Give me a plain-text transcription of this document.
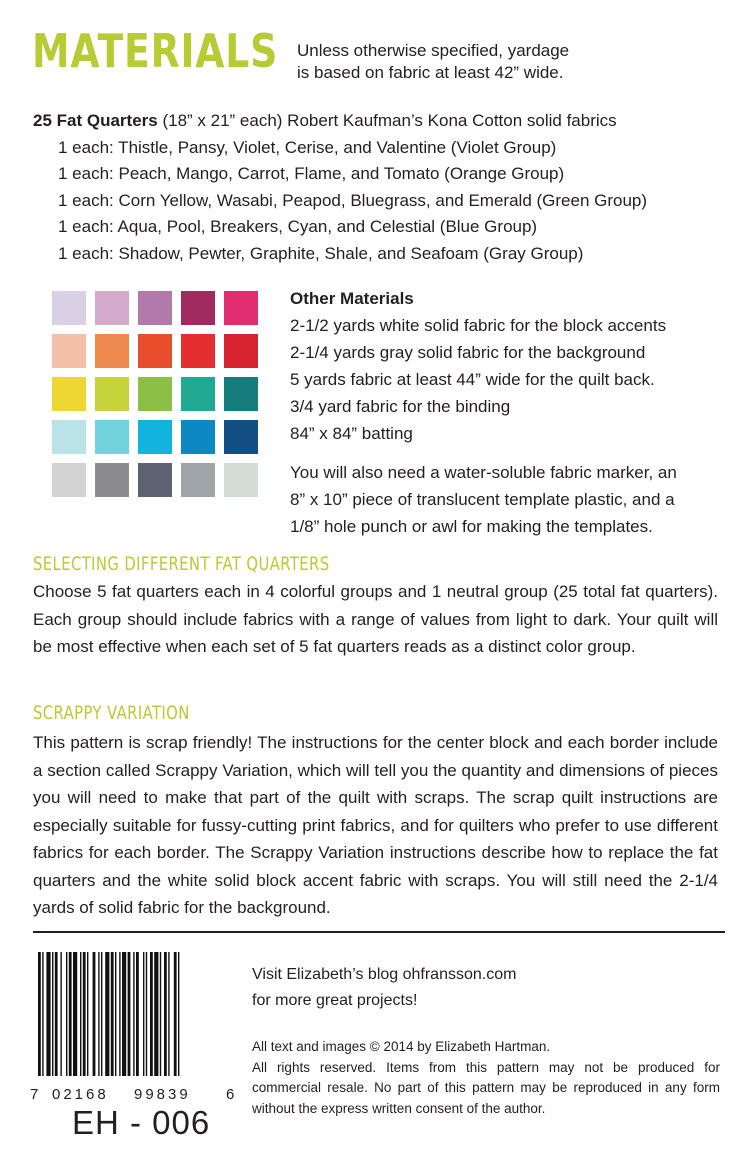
MATERIALS Unless otherwise specified, yardage
is based on fabric at least 42” wide.
25 Fat Quarters (18” x 21” each) Robert Kaufman’s Kona Cotton solid fabrics
1 each: Thistle, Pansy, Violet, Cerise, and Valentine (Violet Group)
1 each: Peach, Mango, Carrot, Flame, and Tomato (Orange Group)
1 each: Corn Yellow, Wasabi, Peapod, Bluegrass, and Emerald (Green Group)
1 each: Aqua, Pool, Breakers, Cyan, and Celestial (Blue Group)
1 each: Shadow, Pewter, Graphite, Shale, and Seafoam (Gray Group)
Other Materials
2-1/2 yards white solid fabric for the block accents
2-1/4 yards gray solid fabric for the background
5 yards fabric at least 44” wide for the quilt back.
3/4 yard fabric for the binding
84” x 84” batting
You will also need a water-soluble fabric marker, an
8” x 10” piece of translucent template plastic, and a
1/8” hole punch or awl for making the templates.
SELECTING DIFFERENT FAT QUARTERS
Choose 5 fat quarters each in 4 colorful groups and 1 neutral group (25 total fat quarters). Each group should include fabrics with a range of values from light to dark. Your quilt will be most effective when each set of 5 fat quarters reads as a distinct color group.
SCRAPPY VARIATION
This pattern is scrap friendly! The instructions for the center block and each border include a section called Scrappy Variation, which will tell you the quantity and dimensions of pieces you will need to make that part of the quilt with scraps. The scrap quilt instructions are especially suitable for fussy-cutting print fabrics, and for quilters who prefer to use different fabrics for each border. The Scrappy Variation instructions describe how to replace the fat quarters and the white solid block accent fabric with scraps. You will still need the 2-1/4 yards of solid fabric for the background.
7 02168 99839 6
EH - 006
Visit Elizabeth’s blog ohfransson.com
for more great projects!
All text and images © 2014 by Elizabeth Hartman.
All rights reserved. Items from this pattern may not be produced for commercial resale. No part of this pattern may be reproduced in any form without the express written consent of the author.
